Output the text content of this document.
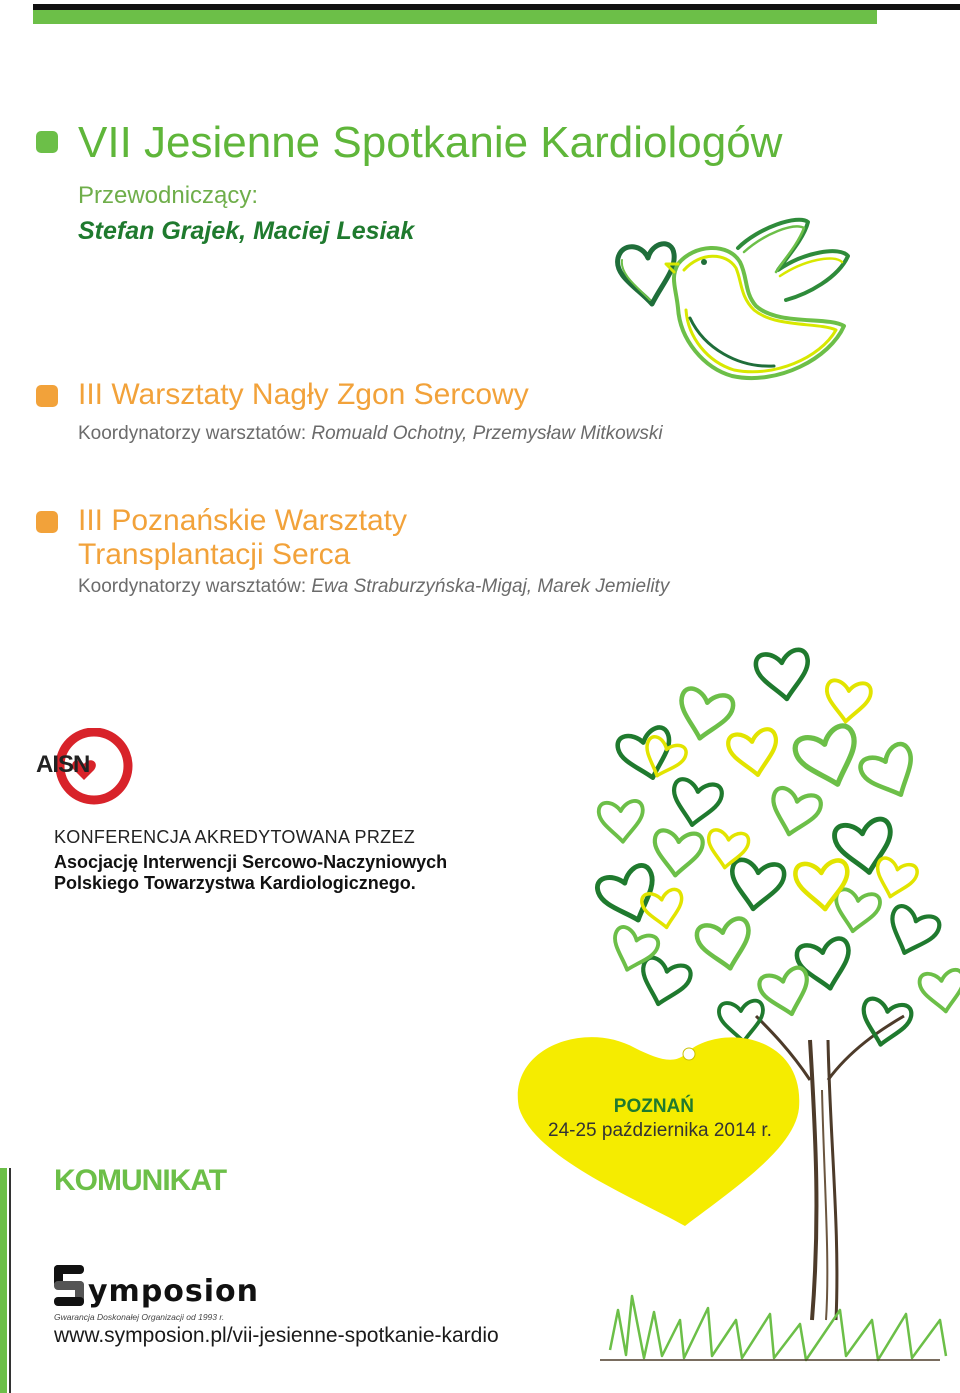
VII Jesienne Spotkanie Kardiologów
Przewodniczący:
Stefan Grajek, Maciej Lesiak
III Warsztaty Nagły Zgon Sercowy
Koordynatorzy warsztatów: Romuald Ochotny, Przemysław Mitkowski
III Poznańskie Warsztaty
Transplantacji Serca
Koordynatorzy warsztatów: Ewa Straburzyńska-Migaj, Marek Jemielity
POZNAŃ
24-25 października 2014 r.
AISN
KONFERENCJA AKREDYTOWANA PRZEZ
Asocjację Interwencji Sercowo-Naczyniowych
Polskiego Towarzystwa Kardiologicznego.
KOMUNIKAT
ymposion
Gwarancja Doskonałej Organizacji od 1993 r.
www.symposion.pl/vii-jesienne-spotkanie-kardio
